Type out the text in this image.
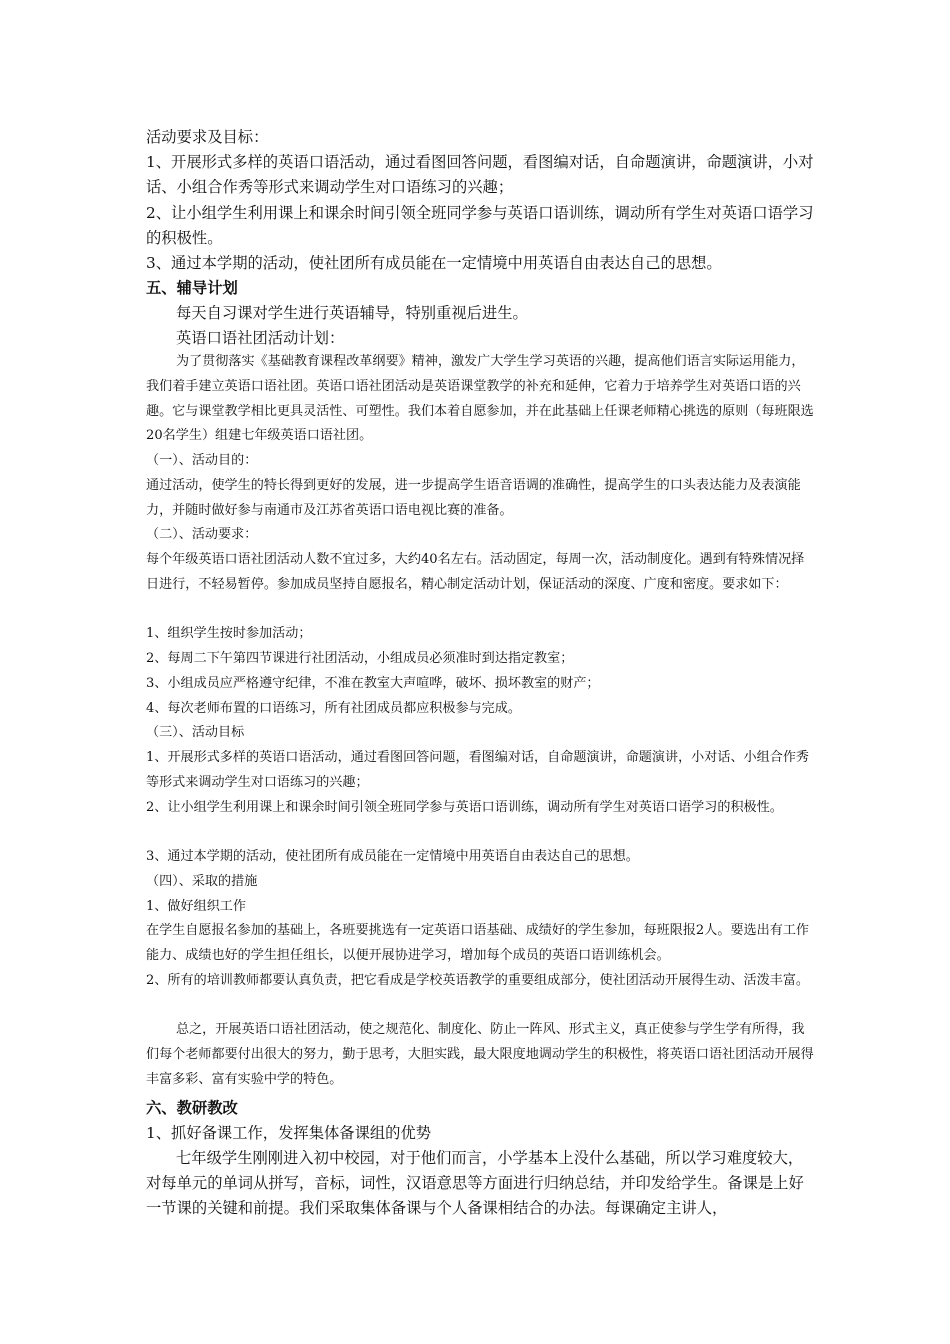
活动要求及目标：

1、开展形式多样的英语口语活动，通过看图回答问题，看图编对话，自命题演讲，命题演讲，小对话、小组合作秀等形式来调动学生对口语练习的兴趣；

2、让小组学生利用课上和课余时间引领全班同学参与英语口语训练，调动所有学生对英语口语学习的积极性。

3、通过本学期的活动，使社团所有成员能在一定情境中用英语自由表达自己的思想。

五、辅导计划

每天自习课对学生进行英语辅导，特别重视后进生。

英语口语社团活动计划：

为了贯彻落实《基础教育课程改革纲要》精神，激发广大学生学习英语的兴趣，提高他们语言实际运用能力，我们着手建立英语口语社团。英语口语社团活动是英语课堂教学的补充和延伸，它着力于培养学生对英语口语的兴趣。它与课堂教学相比更具灵活性、可塑性。我们本着自愿参加，并在此基础上任课老师精心挑选的原则（每班限选20名学生）组建七年级英语口语社团。

（一）、活动目的：

通过活动，使学生的特长得到更好的发展，进一步提高学生语音语调的准确性，提高学生的口头表达能力及表演能力，并随时做好参与南通市及江苏省英语口语电视比赛的准备。

（二）、活动要求：

每个年级英语口语社团活动人数不宜过多，大约40名左右。活动固定，每周一次，活动制度化。遇到有特殊情况择日进行，不轻易暂停。参加成员坚持自愿报名，精心制定活动计划，保证活动的深度、广度和密度。要求如下：

1、组织学生按时参加活动；

2、每周二下午第四节课进行社团活动，小组成员必须准时到达指定教室；

3、小组成员应严格遵守纪律，不准在教室大声喧哗，破坏、损坏教室的财产；

4、每次老师布置的口语练习，所有社团成员都应积极参与完成。

（三）、活动目标

1、开展形式多样的英语口语活动，通过看图回答问题，看图编对话，自命题演讲，命题演讲，小对话、小组合作秀等形式来调动学生对口语练习的兴趣；

2、让小组学生利用课上和课余时间引领全班同学参与英语口语训练，调动所有学生对英语口语学习的积极性。

3、通过本学期的活动，使社团所有成员能在一定情境中用英语自由表达自己的思想。

（四）、采取的措施

1、做好组织工作

在学生自愿报名参加的基础上，各班要挑选有一定英语口语基础、成绩好的学生参加，每班限报2人。要选出有工作能力、成绩也好的学生担任组长，以便开展协进学习，增加每个成员的英语口语训练机会。

2、所有的培训教师都要认真负责，把它看成是学校英语教学的重要组成部分，使社团活动开展得生动、活泼丰富。

总之，开展英语口语社团活动，使之规范化、制度化、防止一阵风、形式主义，真正使参与学生学有所得，我们每个老师都要付出很大的努力，勤于思考，大胆实践，最大限度地调动学生的积极性，将英语口语社团活动开展得丰富多彩、富有实验中学的特色。

六、教研教改

1、抓好备课工作，发挥集体备课组的优势

七年级学生刚刚进入初中校园，对于他们而言，小学基本上没什么基础，所以学习难度较大，对每单元的单词从拼写，音标，词性，汉语意思等方面进行归纳总结，并印发给学生。备课是上好一节课的关键和前提。我们采取集体备课与个人备课相结合的办法。每课确定主讲人，
